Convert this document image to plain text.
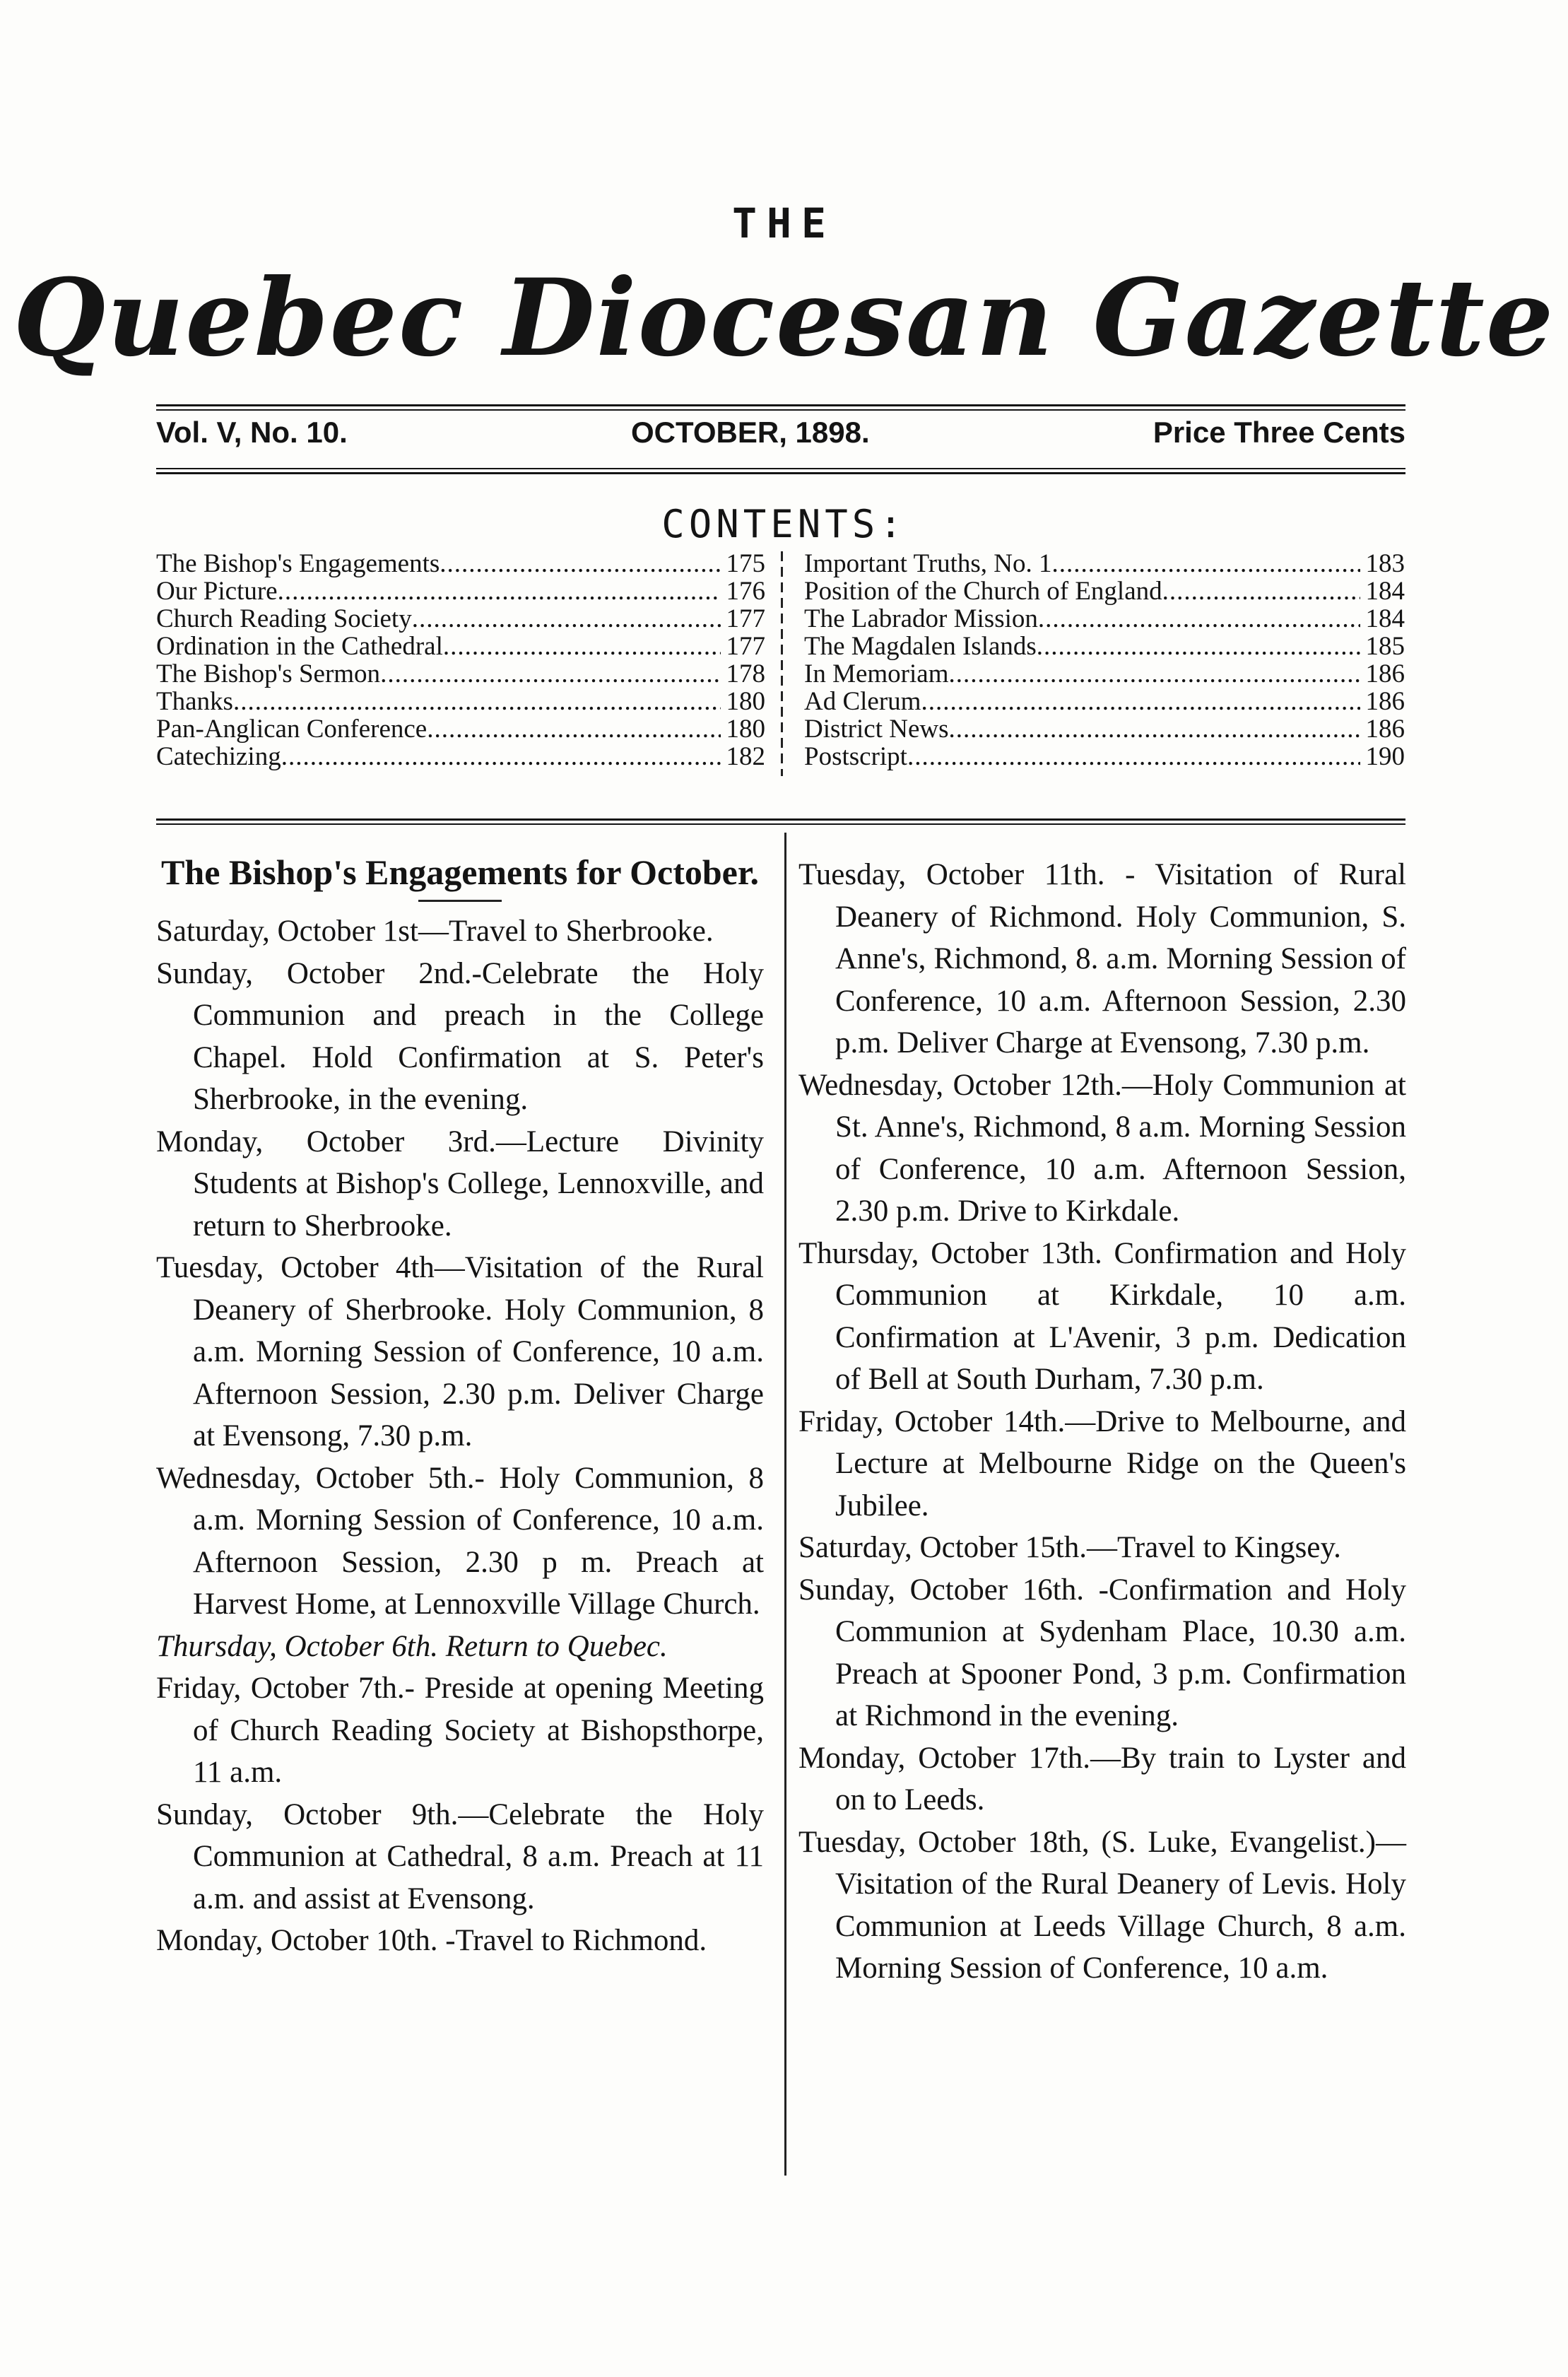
THE
Quebec Diocesan Gazette
Vol. V, No. 10.	OCTOBER, 1898.	Price Three Cents
CONTENTS:
The Bishop's Engagements .....	175
Our Picture .....	176
Church Reading Society .....	177
Ordination in the Cathedral .....	177
The Bishop's Sermon .....	178
Thanks .....	180
Pan-Anglican Conference .....	180
Catechizing .....	182
Important Truths, No. 1 .....	183
Position of the Church of England .....	184
The Labrador Mission .....	184
The Magdalen Islands .....	185
In Memoriam .....	186
Ad Clerum .....	186
District News .....	186
Postscript .....	190
The Bishop's Engagements for October.
Saturday, October 1st—Travel to Sherbrooke.
Sunday, October 2nd.-Celebrate the Holy Communion and preach in the College Chapel. Hold Confirmation at S. Peter's Sherbrooke, in the evening.
Monday, October 3rd.—Lecture Divinity Students at Bishop's College, Lennoxville, and return to Sherbrooke.
Tuesday, October 4th—Visitation of the Rural Deanery of Sherbrooke. Holy Communion, 8 a.m. Morning Session of Conference, 10 a.m. Afternoon Session, 2.30 p.m. Deliver Charge at Evensong, 7.30 p.m.
Wednesday, October 5th.- Holy Communion, 8 a.m. Morning Session of Conference, 10 a.m. Afternoon Session, 2.30 p m. Preach at Harvest Home, at Lennoxville Village Church.
Thursday, October 6th. Return to Quebec.
Friday, October 7th.- Preside at opening Meeting of Church Reading Society at Bishopsthorpe, 11 a.m.
Sunday, October 9th.—Celebrate the Holy Communion at Cathedral, 8 a.m. Preach at 11 a.m. and assist at Evensong.
Monday, October 10th. -Travel to Richmond.
Tuesday, October 11th. - Visitation of Rural Deanery of Richmond. Holy Communion, S. Anne's, Richmond, 8. a.m. Morning Session of Conference, 10 a.m. Afternoon Session, 2.30 p.m. Deliver Charge at Evensong, 7.30 p.m.
Wednesday, October 12th.—Holy Communion at St. Anne's, Richmond, 8 a.m. Morning Session of Conference, 10 a.m. Afternoon Session, 2.30 p.m. Drive to Kirkdale.
Thursday, October 13th. Confirmation and Holy Communion at Kirkdale, 10 a.m. Confirmation at L'Avenir, 3 p.m. Dedication of Bell at South Durham, 7.30 p.m.
Friday, October 14th.—Drive to Melbourne, and Lecture at Melbourne Ridge on the Queen's Jubilee.
Saturday, October 15th.—Travel to Kingsey.
Sunday, October 16th. -Confirmation and Holy Communion at Sydenham Place, 10.30 a.m. Preach at Spooner Pond, 3 p.m. Confirmation at Richmond in the evening.
Monday, October 17th.—By train to Lyster and on to Leeds.
Tuesday, October 18th, (S. Luke, Evangelist.)—Visitation of the Rural Deanery of Levis. Holy Communion at Leeds Village Church, 8 a.m. Morning Session of Conference, 10 a.m.
